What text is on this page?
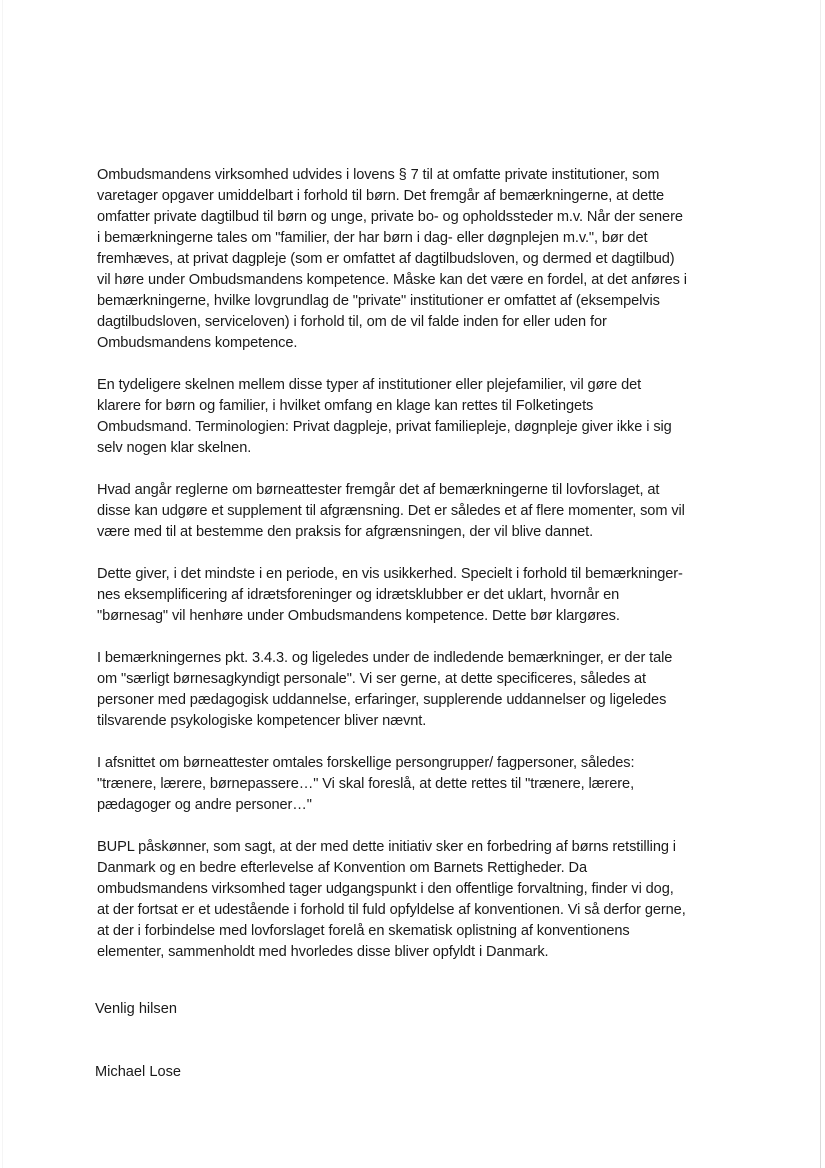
Ombudsmandens virksomhed udvides i lovens § 7 til at omfatte private institutioner, som
varetager opgaver umiddelbart i forhold til børn. Det fremgår af bemærkningerne, at dette
omfatter private dagtilbud til børn og unge, private bo- og opholdssteder m.v. Når der senere
i bemærkningerne tales om "familier, der har børn i dag- eller døgnplejen m.v.", bør det
fremhæves, at privat dagpleje (som er omfattet af dagtilbudsloven, og dermed et dagtilbud)
vil høre under Ombudsmandens kompetence. Måske kan det være en fordel, at det anføres i
bemærkningerne, hvilke lovgrundlag de "private" institutioner er omfattet af (eksempelvis
dagtilbudsloven, serviceloven) i forhold til, om de vil falde inden for eller uden for
Ombudsmandens kompetence.

En tydeligere skelnen mellem disse typer af institutioner eller plejefamilier, vil gøre det
klarere for børn og familier, i hvilket omfang en klage kan rettes til Folketingets
Ombudsmand. Terminologien: Privat dagpleje, privat familiepleje, døgnpleje giver ikke i sig
selv nogen klar skelnen.

Hvad angår reglerne om børneattester fremgår det af bemærkningerne til lovforslaget, at
disse kan udgøre et supplement til afgrænsning. Det er således et af flere momenter, som vil
være med til at bestemme den praksis for afgrænsningen, der vil blive dannet.

Dette giver, i det mindste i en periode, en vis usikkerhed. Specielt i forhold til bemærkninger-
nes eksemplificering af idrætsforeninger og idrætsklubber er det uklart, hvornår en
"børnesag" vil henhøre under Ombudsmandens kompetence. Dette bør klargøres.

I bemærkningernes pkt. 3.4.3. og ligeledes under de indledende bemærkninger, er der tale
om "særligt børnesagkyndigt personale". Vi ser gerne, at dette specificeres, således at
personer med pædagogisk uddannelse, erfaringer, supplerende uddannelser og ligeledes
tilsvarende psykologiske kompetencer bliver nævnt.

I afsnittet om børneattester omtales forskellige persongrupper/ fagpersoner, således:
"trænere, lærere, børnepassere…" Vi skal foreslå, at dette rettes til "trænere, lærere,
pædagoger og andre personer…"

BUPL påskønner, som sagt, at der med dette initiativ sker en forbedring af børns retstilling i
Danmark og en bedre efterlevelse af Konvention om Barnets Rettigheder. Da
ombudsmandens virksomhed tager udgangspunkt i den offentlige forvaltning, finder vi dog,
at der fortsat er et udestående i forhold til fuld opfyldelse af konventionen. Vi så derfor gerne,
at der i forbindelse med lovforslaget forelå en skematisk oplistning af konventionens
elementer, sammenholdt med hvorledes disse bliver opfyldt i Danmark.

Venlig hilsen
Michael Lose
